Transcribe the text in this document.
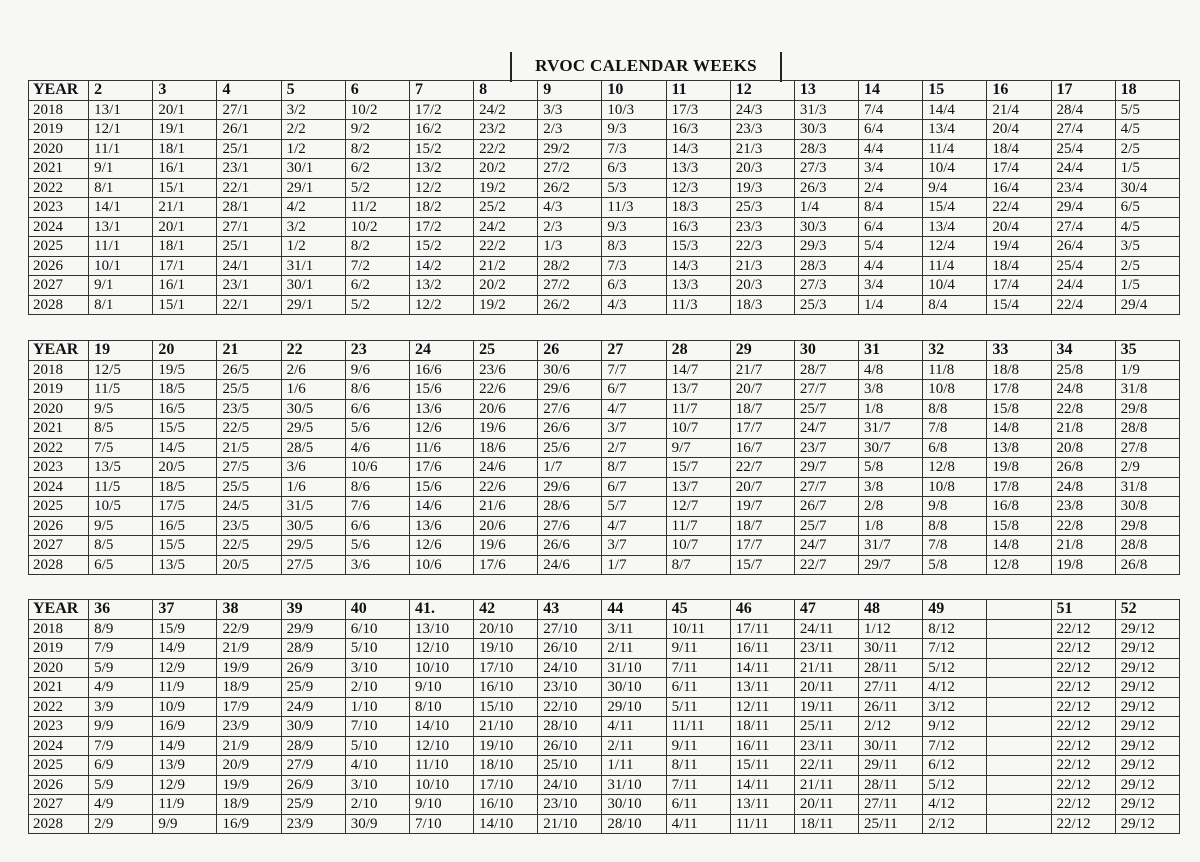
RVOC CALENDAR WEEKS
YEAR	2	3	4	5	6	7	8	9	10	11	12	13	14	15	16	17	18
2018	13/1	20/1	27/1	3/2	10/2	17/2	24/2	3/3	10/3	17/3	24/3	31/3	7/4	14/4	21/4	28/4	5/5
2019	12/1	19/1	26/1	2/2	9/2	16/2	23/2	2/3	9/3	16/3	23/3	30/3	6/4	13/4	20/4	27/4	4/5
2020	11/1	18/1	25/1	1/2	8/2	15/2	22/2	29/2	7/3	14/3	21/3	28/3	4/4	11/4	18/4	25/4	2/5
2021	9/1	16/1	23/1	30/1	6/2	13/2	20/2	27/2	6/3	13/3	20/3	27/3	3/4	10/4	17/4	24/4	1/5
2022	8/1	15/1	22/1	29/1	5/2	12/2	19/2	26/2	5/3	12/3	19/3	26/3	2/4	9/4	16/4	23/4	30/4
2023	14/1	21/1	28/1	4/2	11/2	18/2	25/2	4/3	11/3	18/3	25/3	1/4	8/4	15/4	22/4	29/4	6/5
2024	13/1	20/1	27/1	3/2	10/2	17/2	24/2	2/3	9/3	16/3	23/3	30/3	6/4	13/4	20/4	27/4	4/5
2025	11/1	18/1	25/1	1/2	8/2	15/2	22/2	1/3	8/3	15/3	22/3	29/3	5/4	12/4	19/4	26/4	3/5
2026	10/1	17/1	24/1	31/1	7/2	14/2	21/2	28/2	7/3	14/3	21/3	28/3	4/4	11/4	18/4	25/4	2/5
2027	9/1	16/1	23/1	30/1	6/2	13/2	20/2	27/2	6/3	13/3	20/3	27/3	3/4	10/4	17/4	24/4	1/5
2028	8/1	15/1	22/1	29/1	5/2	12/2	19/2	26/2	4/3	11/3	18/3	25/3	1/4	8/4	15/4	22/4	29/4
YEAR	19	20	21	22	23	24	25	26	27	28	29	30	31	32	33	34	35
2018	12/5	19/5	26/5	2/6	9/6	16/6	23/6	30/6	7/7	14/7	21/7	28/7	4/8	11/8	18/8	25/8	1/9
2019	11/5	18/5	25/5	1/6	8/6	15/6	22/6	29/6	6/7	13/7	20/7	27/7	3/8	10/8	17/8	24/8	31/8
2020	9/5	16/5	23/5	30/5	6/6	13/6	20/6	27/6	4/7	11/7	18/7	25/7	1/8	8/8	15/8	22/8	29/8
2021	8/5	15/5	22/5	29/5	5/6	12/6	19/6	26/6	3/7	10/7	17/7	24/7	31/7	7/8	14/8	21/8	28/8
2022	7/5	14/5	21/5	28/5	4/6	11/6	18/6	25/6	2/7	9/7	16/7	23/7	30/7	6/8	13/8	20/8	27/8
2023	13/5	20/5	27/5	3/6	10/6	17/6	24/6	1/7	8/7	15/7	22/7	29/7	5/8	12/8	19/8	26/8	2/9
2024	11/5	18/5	25/5	1/6	8/6	15/6	22/6	29/6	6/7	13/7	20/7	27/7	3/8	10/8	17/8	24/8	31/8
2025	10/5	17/5	24/5	31/5	7/6	14/6	21/6	28/6	5/7	12/7	19/7	26/7	2/8	9/8	16/8	23/8	30/8
2026	9/5	16/5	23/5	30/5	6/6	13/6	20/6	27/6	4/7	11/7	18/7	25/7	1/8	8/8	15/8	22/8	29/8
2027	8/5	15/5	22/5	29/5	5/6	12/6	19/6	26/6	3/7	10/7	17/7	24/7	31/7	7/8	14/8	21/8	28/8
2028	6/5	13/5	20/5	27/5	3/6	10/6	17/6	24/6	1/7	8/7	15/7	22/7	29/7	5/8	12/8	19/8	26/8
YEAR	36	37	38	39	40	41.	42	43	44	45	46	47	48	49		51	52
2018	8/9	15/9	22/9	29/9	6/10	13/10	20/10	27/10	3/11	10/11	17/11	24/11	1/12	8/12		22/12	29/12
2019	7/9	14/9	21/9	28/9	5/10	12/10	19/10	26/10	2/11	9/11	16/11	23/11	30/11	7/12		22/12	29/12
2020	5/9	12/9	19/9	26/9	3/10	10/10	17/10	24/10	31/10	7/11	14/11	21/11	28/11	5/12		22/12	29/12
2021	4/9	11/9	18/9	25/9	2/10	9/10	16/10	23/10	30/10	6/11	13/11	20/11	27/11	4/12		22/12	29/12
2022	3/9	10/9	17/9	24/9	1/10	8/10	15/10	22/10	29/10	5/11	12/11	19/11	26/11	3/12		22/12	29/12
2023	9/9	16/9	23/9	30/9	7/10	14/10	21/10	28/10	4/11	11/11	18/11	25/11	2/12	9/12		22/12	29/12
2024	7/9	14/9	21/9	28/9	5/10	12/10	19/10	26/10	2/11	9/11	16/11	23/11	30/11	7/12		22/12	29/12
2025	6/9	13/9	20/9	27/9	4/10	11/10	18/10	25/10	1/11	8/11	15/11	22/11	29/11	6/12		22/12	29/12
2026	5/9	12/9	19/9	26/9	3/10	10/10	17/10	24/10	31/10	7/11	14/11	21/11	28/11	5/12		22/12	29/12
2027	4/9	11/9	18/9	25/9	2/10	9/10	16/10	23/10	30/10	6/11	13/11	20/11	27/11	4/12		22/12	29/12
2028	2/9	9/9	16/9	23/9	30/9	7/10	14/10	21/10	28/10	4/11	11/11	18/11	25/11	2/12		22/12	29/12
